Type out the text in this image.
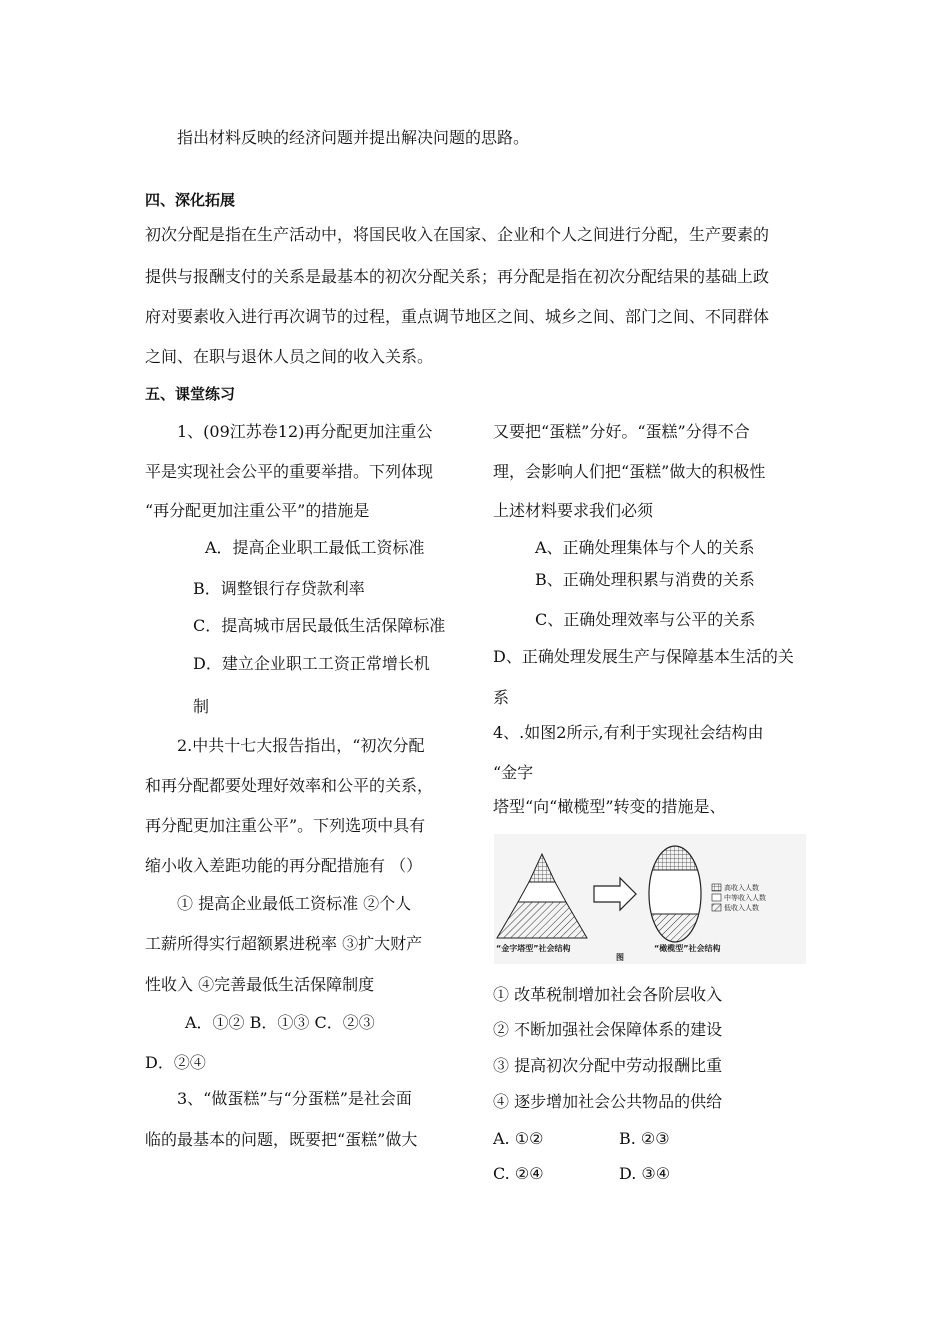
指出材料反映的经济问题并提出解决问题的思路。
四、深化拓展
初次分配是指在生产活动中，将国民收入在国家、企业和个人之间进行分配，生产要素的
提供与报酬支付的关系是最基本的初次分配关系；再分配是指在初次分配结果的基础上政
府对要素收入进行再次调节的过程，重点调节地区之间、城乡之间、部门之间、不同群体
之间、在职与退休人员之间的收入关系。
五、课堂练习
1、(09江苏卷12)再分配更加注重公
平是实现社会公平的重要举措。下列体现
“再分配更加注重公平”的措施是
A．提高企业职工最低工资标准
B．调整银行存贷款利率
C．提高城市居民最低生活保障标准
D．建立企业职工工资正常增长机
制
2.中共十七大报告指出，“初次分配
和再分配都要处理好效率和公平的关系，
再分配更加注重公平”。下列选项中具有
缩小收入差距功能的再分配措施有 （）
① 提高企业最低工资标准 ②个人
工薪所得实行超额累进税率 ③扩大财产
性收入 ④完善最低生活保障制度
A．①② B．①③ C．②③
D．②④
3、“做蛋糕”与“分蛋糕”是社会面
临的最基本的问题，既要把“蛋糕”做大
又要把“蛋糕”分好。“蛋糕”分得不合
理，会影响人们把“蛋糕”做大的积极性
上述材料要求我们必须
A、正确处理集体与个人的关系
B、正确处理积累与消费的关系
C、正确处理效率与公平的关系
D、正确处理发展生产与保障基本生活的关
系
4、.如图2所示,有利于实现社会结构由
“金字
塔型“向“橄榄型”转变的措施是、
高收入人数
中等收入人数
低收入人数
“金字塔型”社会结构	“橄榄型”社会结构
图
① 改革税制增加社会各阶层收入
② 不断加强社会保障体系的建设
③ 提高初次分配中劳动报酬比重
④ 逐步增加社会公共物品的供给
A. ①②	B. ②③
C. ②④	D. ③④
